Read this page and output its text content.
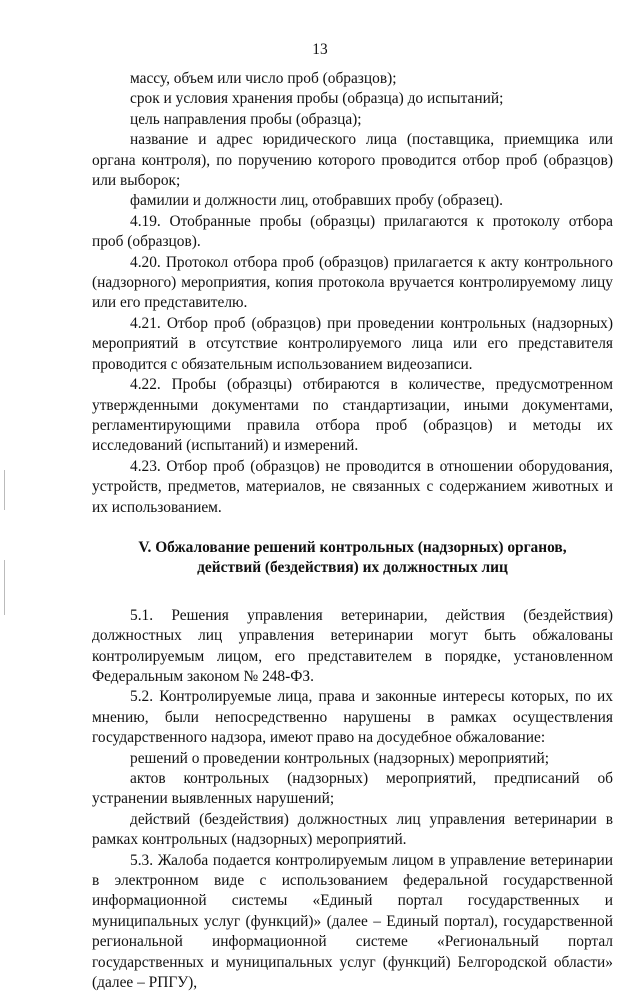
13

массу, объем или число проб (образцов);

срок и условия хранения пробы (образца) до испытаний;

цель направления пробы (образца);

название и адрес юридического лица (поставщика, приемщика или органа контроля), по поручению которого проводится отбор проб (образцов) или выборок;

фамилии и должности лиц, отобравших пробу (образец).

4.19. Отобранные пробы (образцы) прилагаются к протоколу отбора проб (образцов).

4.20. Протокол отбора проб (образцов) прилагается к акту контрольного (надзорного) мероприятия, копия протокола вручается контролируемому лицу или его представителю.

4.21. Отбор проб (образцов) при проведении контрольных (надзорных) мероприятий в отсутствие контролируемого лица или его представителя проводится с обязательным использованием видеозаписи.

4.22. Пробы (образцы) отбираются в количестве, предусмотренном утвержденными документами по стандартизации, иными документами, регламентирующими правила отбора проб (образцов) и методы их исследований (испытаний) и измерений.

4.23. Отбор проб (образцов) не проводится в отношении оборудования, устройств, предметов, материалов, не связанных с содержанием животных и их использованием.

V. Обжалование решений контрольных (надзорных) органов,
действий (бездействия) их должностных лиц

5.1. Решения управления ветеринарии, действия (бездействия) должностных лиц управления ветеринарии могут быть обжалованы контролируемым лицом, его представителем в порядке, установленном Федеральным законом № 248-ФЗ.

5.2. Контролируемые лица, права и законные интересы которых, по их мнению, были непосредственно нарушены в рамках осуществления государственного надзора, имеют право на досудебное обжалование:

решений о проведении контрольных (надзорных) мероприятий;

актов контрольных (надзорных) мероприятий, предписаний об устранении выявленных нарушений;

действий (бездействия) должностных лиц управления ветеринарии в рамках контрольных (надзорных) мероприятий.

5.3. Жалоба подается контролируемым лицом в управление ветеринарии в электронном виде с использованием федеральной государственной информационной системы «Единый портал государственных и муниципальных услуг (функций)» (далее – Единый портал), государственной региональной информационной системе «Региональный портал государственных и муниципальных услуг (функций) Белгородской области» (далее – РПГУ),
